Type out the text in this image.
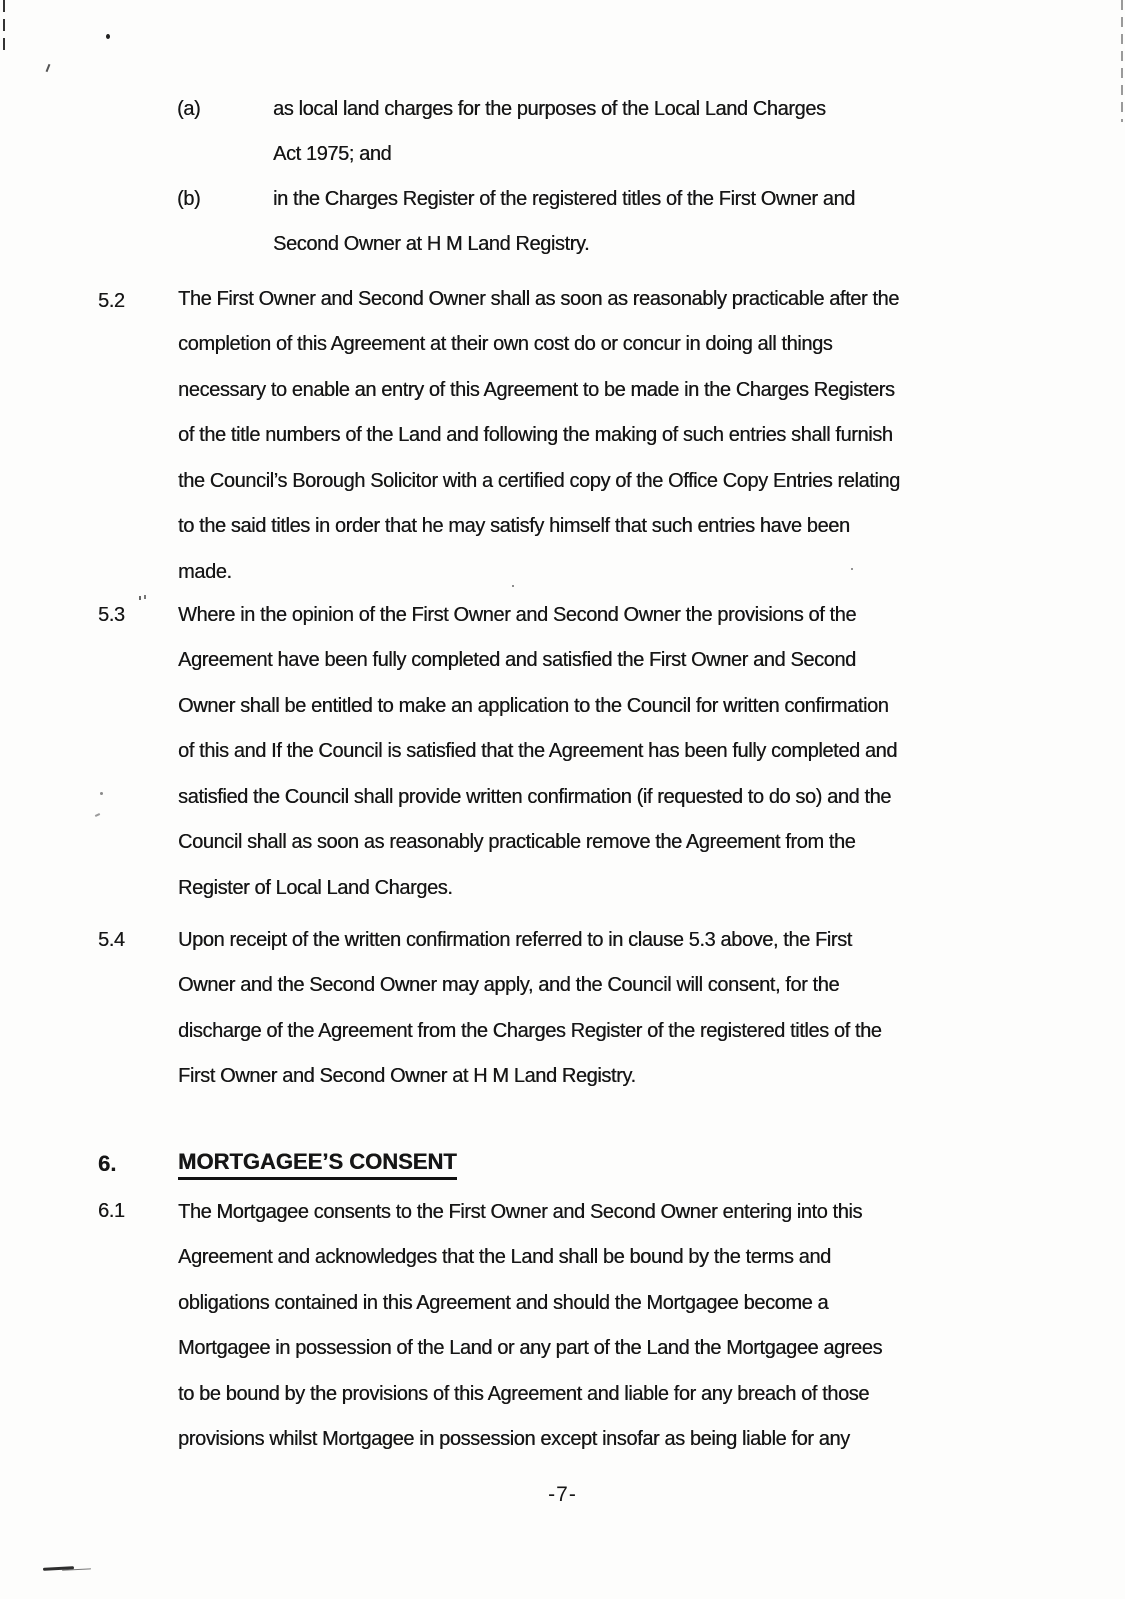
(a)	as local land charges for the purposes of the Local Land Charges
Act 1975; and
(b)	in the Charges Register of the registered titles of the First Owner and
Second Owner at H M Land Registry.
5.2	The First Owner and Second Owner shall as soon as reasonably practicable after the
completion of this Agreement at their own cost do or concur in doing all things
necessary to enable an entry of this Agreement to be made in the Charges Registers
of the title numbers of the Land and following the making of such entries shall furnish
the Council’s Borough Solicitor with a certified copy of the Office Copy Entries relating
to the said titles in order that he may satisfy himself that such entries have been
made.
5.3	Where in the opinion of the First Owner and Second Owner the provisions of the
Agreement have been fully completed and satisfied the First Owner and Second
Owner shall be entitled to make an application to the Council for written confirmation
of this and If the Council is satisfied that the Agreement has been fully completed and
satisfied the Council shall provide written confirmation (if requested to do so) and the
Council shall as soon as reasonably practicable remove the Agreement from the
Register of Local Land Charges.
5.4	Upon receipt of the written confirmation referred to in clause 5.3 above, the First
Owner and the Second Owner may apply, and the Council will consent, for the
discharge of the Agreement from the Charges Register of the registered titles of the
First Owner and Second Owner at H M Land Registry.
6.	MORTGAGEE’S CONSENT
6.1	The Mortgagee consents to the First Owner and Second Owner entering into this
Agreement and acknowledges that the Land shall be bound by the terms and
obligations contained in this Agreement and should the Mortgagee become a
Mortgagee in possession of the Land or any part of the Land the Mortgagee agrees
to be bound by the provisions of this Agreement and liable for any breach of those
provisions whilst Mortgagee in possession except insofar as being liable for any
-7-
